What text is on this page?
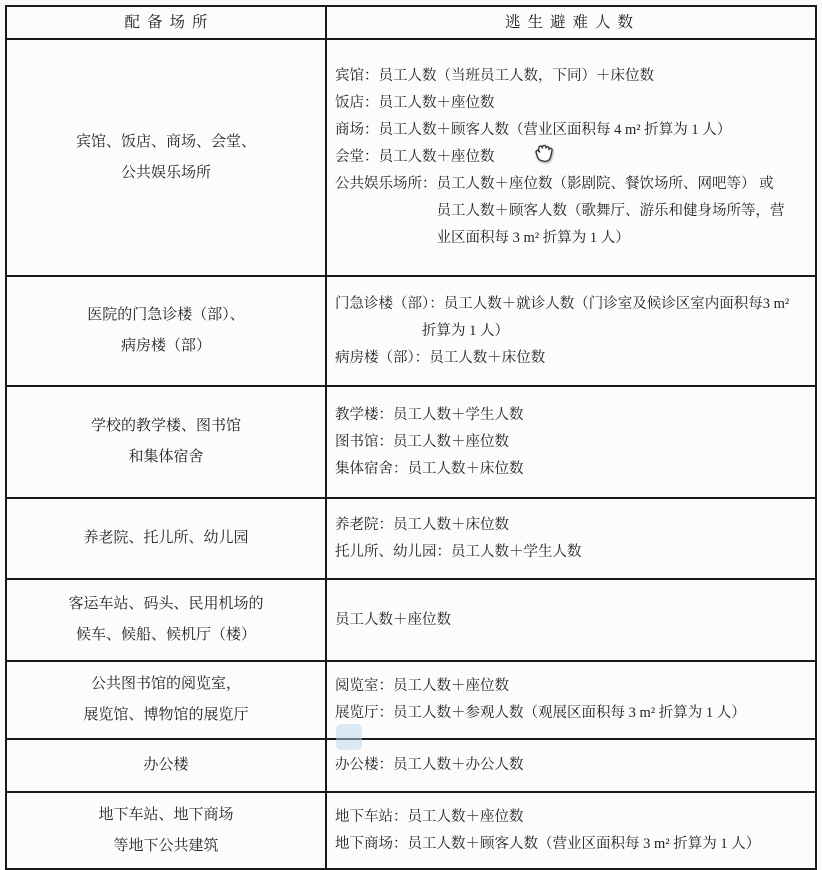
配备场所	逃生避难人数
宾馆、饭店、商场、会堂、
公共娱乐场所
宾馆：员工人数（当班员工人数，下同）＋床位数
饭店：员工人数＋座位数
商场：员工人数＋顾客人数（营业区面积每 4 m² 折算为 1 人）
会堂：员工人数＋座位数
公共娱乐场所：员工人数＋座位数（影剧院、餐饮场所、网吧等） 或
　　　　　　　员工人数＋顾客人数（歌舞厅、游乐和健身场所等，营
　　　　　　　业区面积每 3 m² 折算为 1 人）
医院的门急诊楼（部）、
病房楼（部）
门急诊楼（部）：员工人数＋就诊人数（门诊室及候诊区室内面积每3 m²
　　　　　　折算为 1 人）
病房楼（部）：员工人数＋床位数
学校的教学楼、图书馆
和集体宿舍
教学楼：员工人数＋学生人数
图书馆：员工人数＋座位数
集体宿舍：员工人数＋床位数
养老院、托儿所、幼儿园
养老院：员工人数＋床位数
托儿所、幼儿园：员工人数＋学生人数
客运车站、码头、民用机场的
候车、候船、候机厅（楼）
员工人数＋座位数
公共图书馆的阅览室，
展览馆、博物馆的展览厅
阅览室：员工人数＋座位数
展览厅：员工人数＋参观人数（观展区面积每 3 m² 折算为 1 人）
办公楼	办公楼：员工人数＋办公人数
地下车站、地下商场
等地下公共建筑
地下车站：员工人数＋座位数
地下商场：员工人数＋顾客人数（营业区面积每 3 m² 折算为 1 人）
